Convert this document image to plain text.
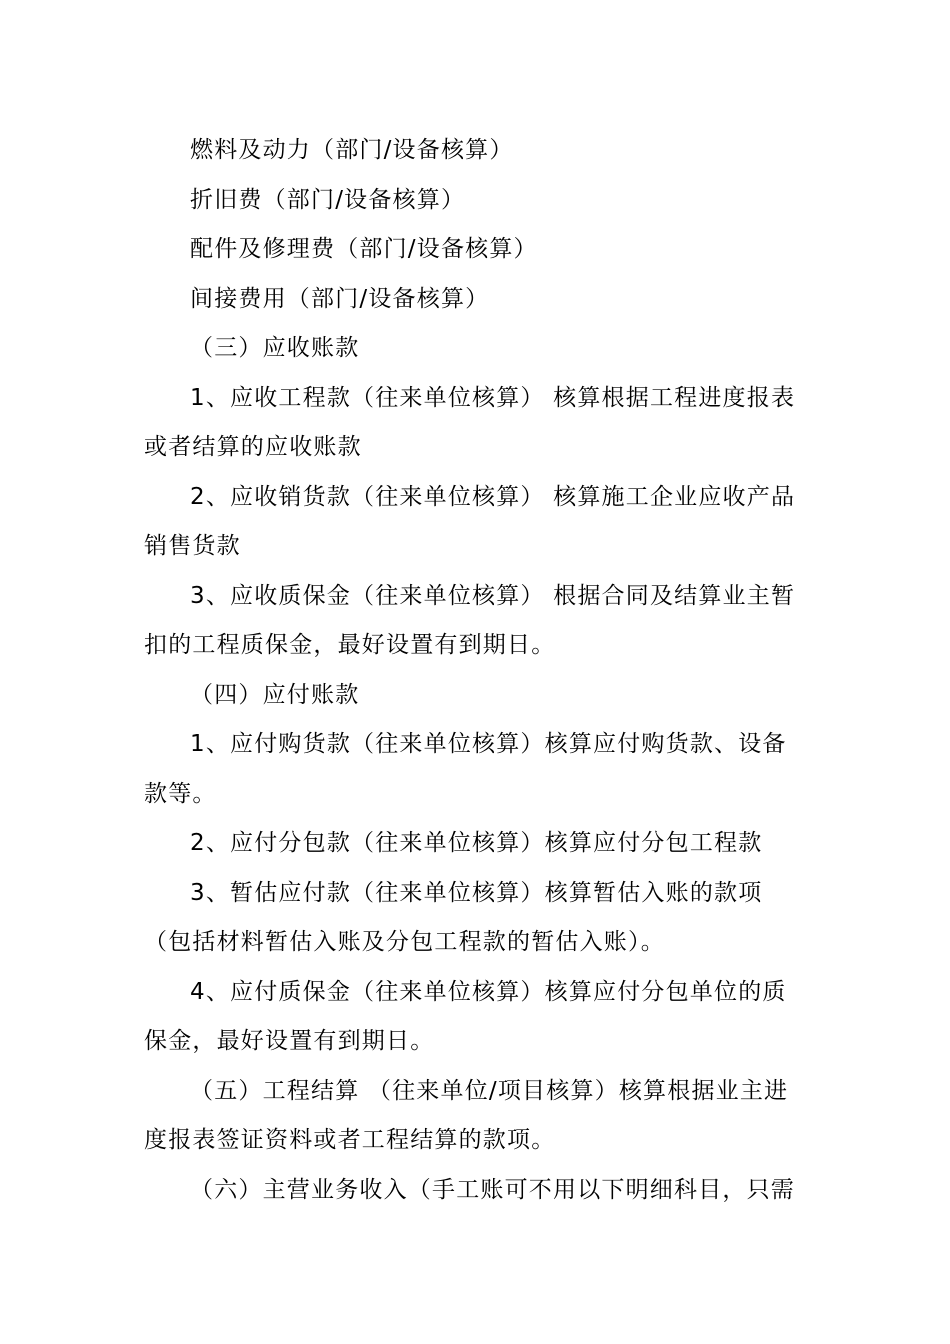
燃料及动力（部门/设备核算）

折旧费（部门/设备核算）

配件及修理费（部门/设备核算）

间接费用（部门/设备核算）

（三）应收账款

1、应收工程款（往来单位核算） 核算根据工程进度报表或者结算的应收账款

2、应收销货款（往来单位核算） 核算施工企业应收产品销售货款

3、应收质保金（往来单位核算） 根据合同及结算业主暂扣的工程质保金，最好设置有到期日。

（四）应付账款

1、应付购货款（往来单位核算）核算应付购货款、设备款等。

2、应付分包款（往来单位核算）核算应付分包工程款

3、暂估应付款（往来单位核算）核算暂估入账的款项（包括材料暂估入账及分包工程款的暂估入账）。

4、应付质保金（往来单位核算）核算应付分包单位的质保金，最好设置有到期日。

（五）工程结算 （往来单位/项目核算）核算根据业主进度报表签证资料或者工程结算的款项。

（六）主营业务收入（手工账可不用以下明细科目，只需
